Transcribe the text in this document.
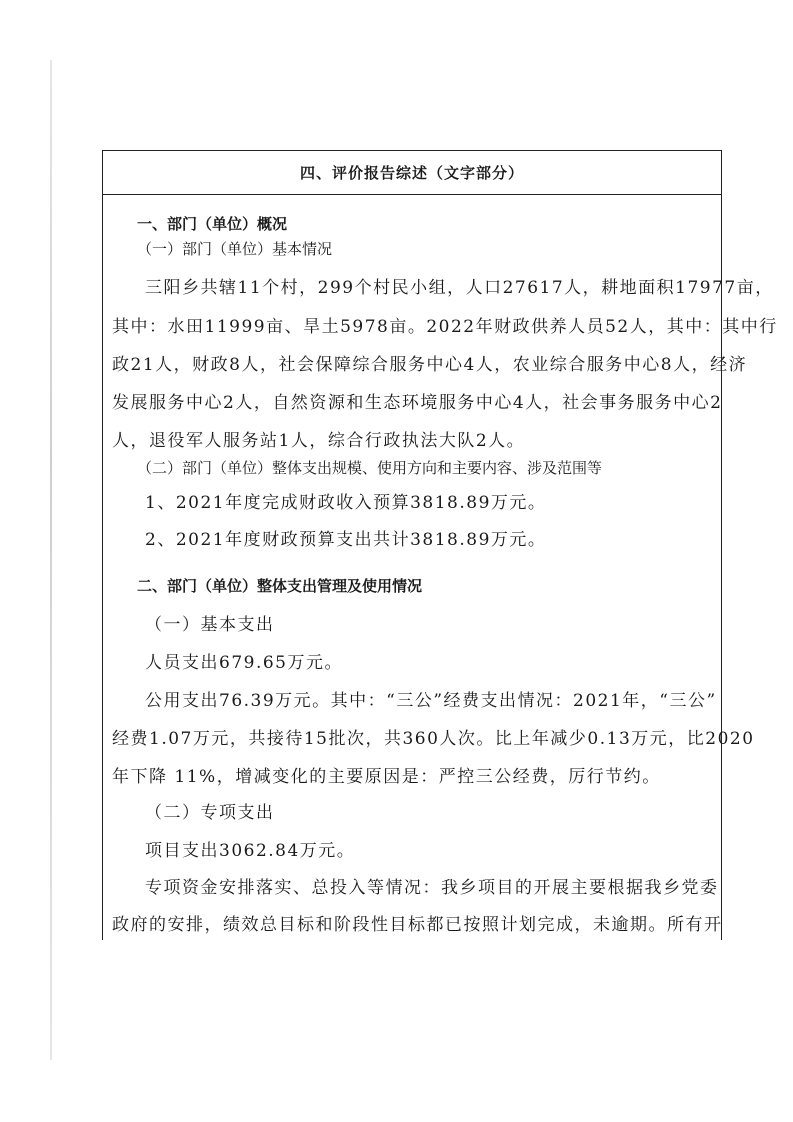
四、评价报告综述（文字部分）
一、部门（单位）概况
（一）部门（单位）基本情况
三阳乡共辖11个村，299个村民小组，人口27617人，耕地面积17977亩，
其中：水田11999亩、旱土5978亩。2022年财政供养人员52人，其中：其中行
政21人，财政8人，社会保障综合服务中心4人，农业综合服务中心8人，经济
发展服务中心2人，自然资源和生态环境服务中心4人，社会事务服务中心2
人，退役军人服务站1人，综合行政执法大队2人。
（二）部门（单位）整体支出规模、使用方向和主要内容、涉及范围等
1、2021年度完成财政收入预算3818.89万元。
2、2021年度财政预算支出共计3818.89万元。
二、部门（单位）整体支出管理及使用情况
（一）基本支出
人员支出679.65万元。
公用支出76.39万元。其中：“三公”经费支出情况：2021年，“三公”
经费1.07万元，共接待15批次，共360人次。比上年减少0.13万元，比2020
年下降 11%，增减变化的主要原因是：严控三公经费，厉行节约。
（二）专项支出
项目支出3062.84万元。
专项资金安排落实、总投入等情况：我乡项目的开展主要根据我乡党委
政府的安排，绩效总目标和阶段性目标都已按照计划完成，未逾期。所有开
